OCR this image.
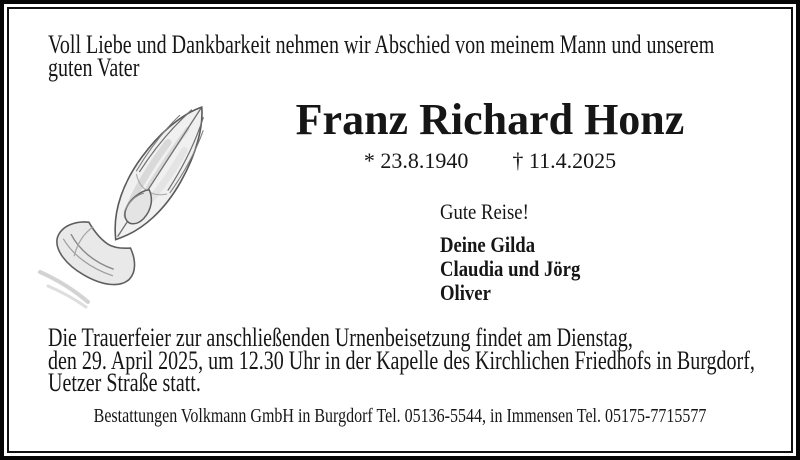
Voll Liebe und Dankbarkeit nehmen wir Abschied von meinem Mann und unserem
guten Vater
Franz Richard Honz
* 23.8.1940 † 11.4.2025
Gute Reise!
Deine Gilda
Claudia und Jörg
Oliver
Die Trauerfeier zur anschließenden Urnenbeisetzung findet am Dienstag,
den 29. April 2025, um 12.30 Uhr in der Kapelle des Kirchlichen Friedhofs in Burgdorf,
Uetzer Straße statt.
Bestattungen Volkmann GmbH in Burgdorf Tel. 05136-5544, in Immensen Tel. 05175-7715577
